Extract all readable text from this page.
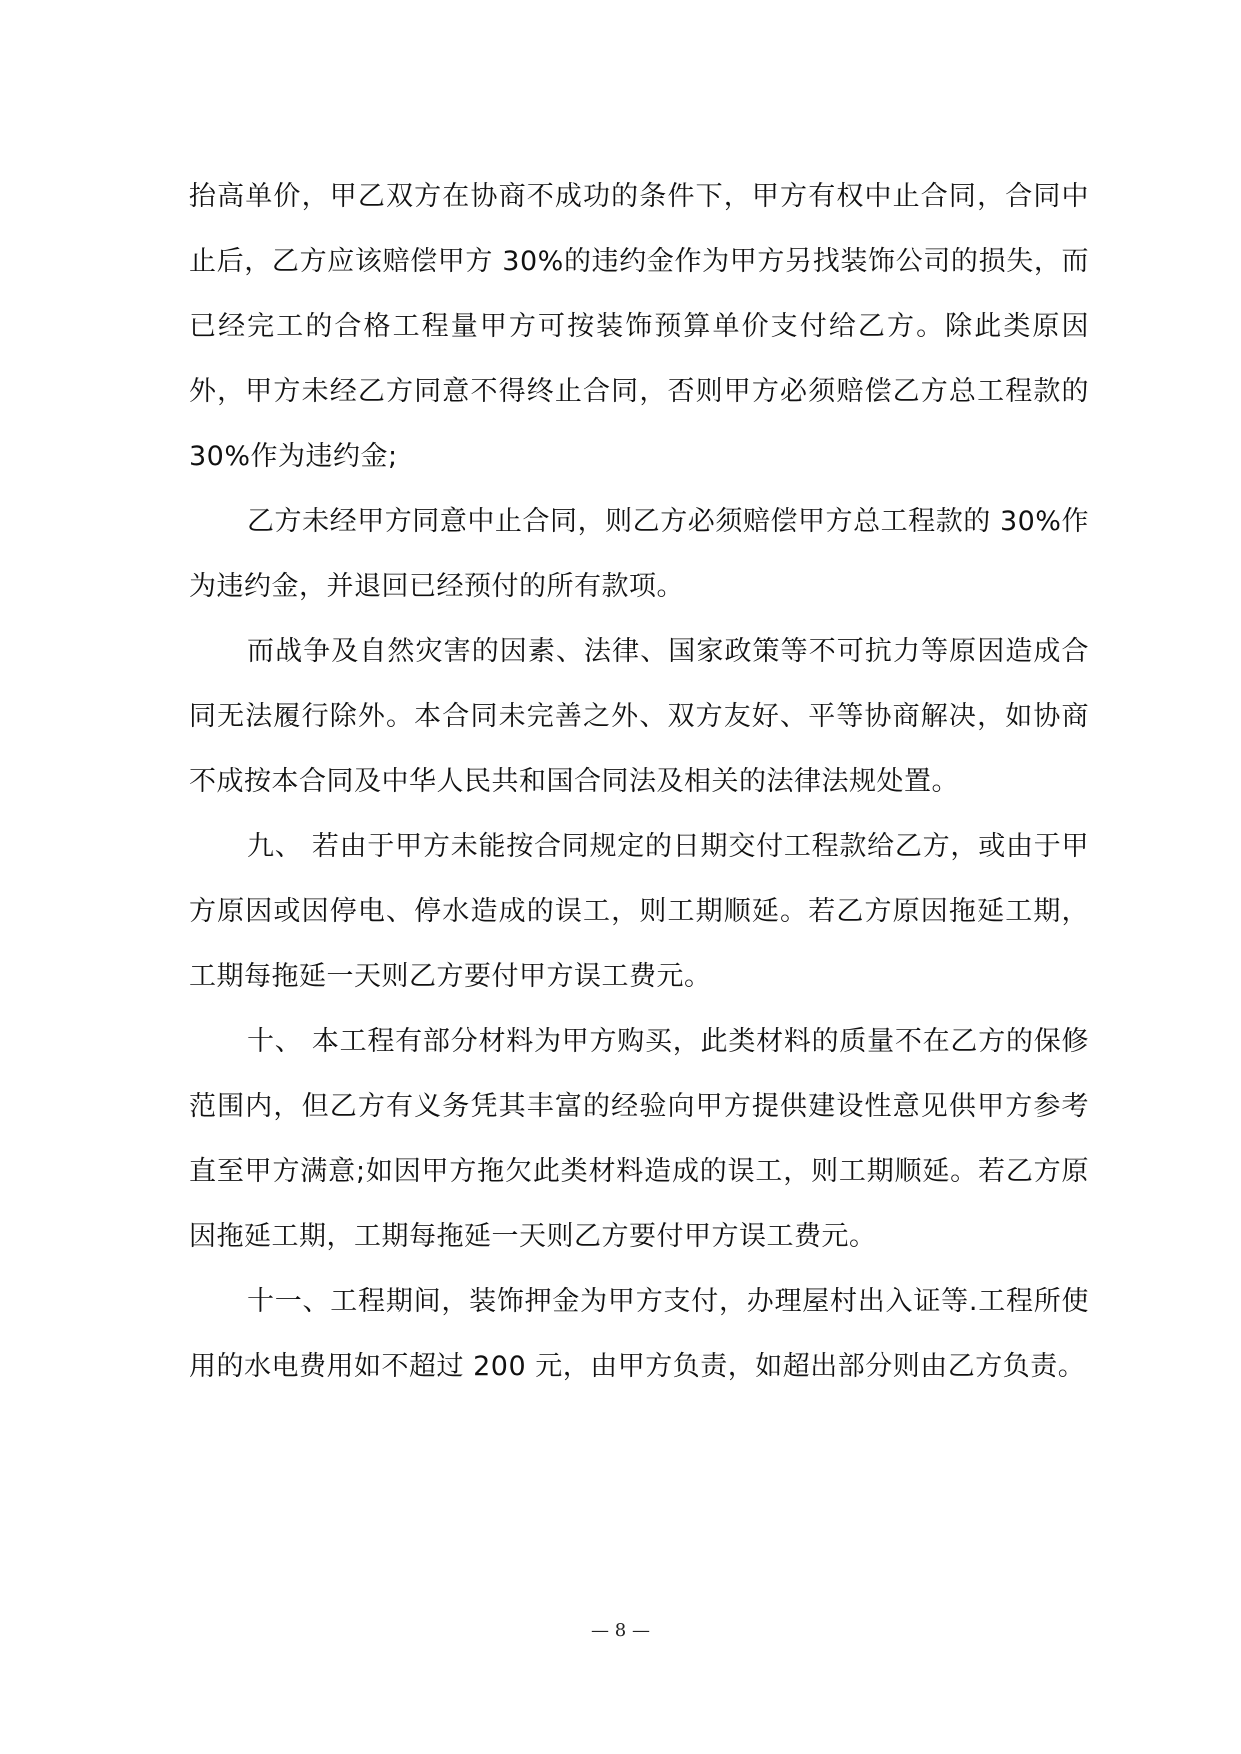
抬高单价，甲乙双方在协商不成功的条件下，甲方有权中止合同，合同中止后，乙方应该赔偿甲方 30%的违约金作为甲方另找装饰公司的损失，而已经完工的合格工程量甲方可按装饰预算单价支付给乙方。除此类原因外，甲方未经乙方同意不得终止合同，否则甲方必须赔偿乙方总工程款的 30%作为违约金;

乙方未经甲方同意中止合同，则乙方必须赔偿甲方总工程款的 30%作为违约金，并退回已经预付的所有款项。

而战争及自然灾害的因素、法律、国家政策等不可抗力等原因造成合同无法履行除外。本合同未完善之外、双方友好、平等协商解决，如协商不成按本合同及中华人民共和国合同法及相关的法律法规处置。

九、 若由于甲方未能按合同规定的日期交付工程款给乙方，或由于甲方原因或因停电、停水造成的误工，则工期顺延。若乙方原因拖延工期，工期每拖延一天则乙方要付甲方误工费元。

十、 本工程有部分材料为甲方购买，此类材料的质量不在乙方的保修范围内，但乙方有义务凭其丰富的经验向甲方提供建设性意见供甲方参考直至甲方满意;如因甲方拖欠此类材料造成的误工，则工期顺延。若乙方原因拖延工期，工期每拖延一天则乙方要付甲方误工费元。

十一、工程期间，装饰押金为甲方支付，办理屋村出入证等.工程所使用的水电费用如不超过 200 元，由甲方负责，如超出部分则由乙方负责。

— 8 —
